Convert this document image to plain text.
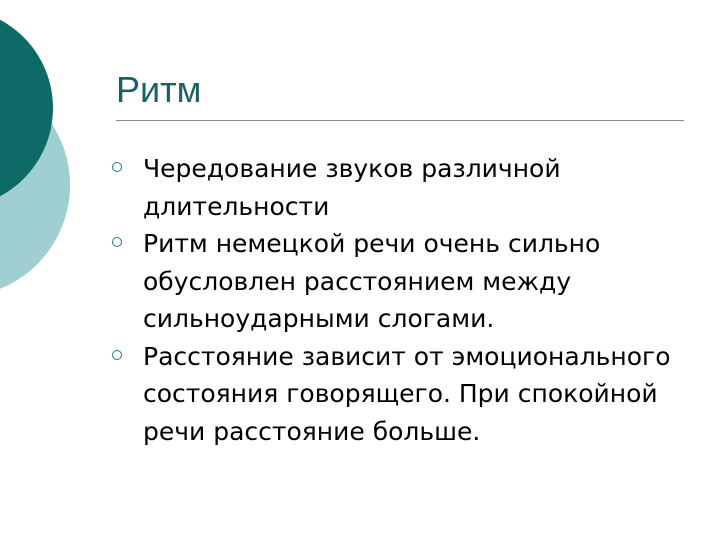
Ритм
Чередование звуков различной длительности
Ритм немецкой речи очень сильно обусловлен расстоянием между сильноударными слогами.
Расстояние зависит от эмоционального состояния говорящего. При спокойной речи расстояние больше.
